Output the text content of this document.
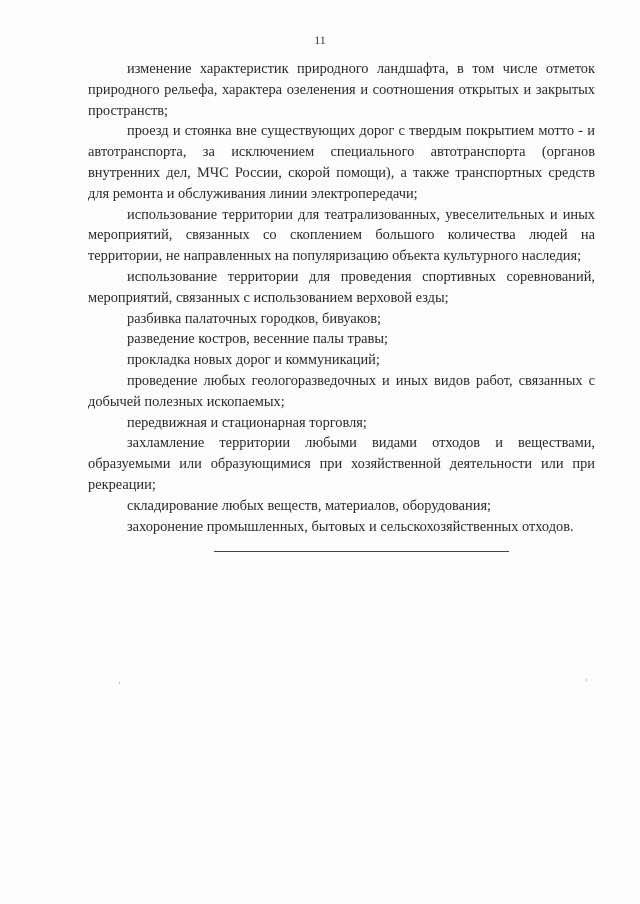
11

изменение характеристик природного ландшафта, в том числе отметок природного рельефа, характера озеленения и соотношения открытых и закрытых пространств;

проезд и стоянка вне существующих дорог с твердым покрытием мотто - и автотранспорта, за исключением специального автотранспорта (органов внутренних дел, МЧС России, скорой помощи), а также транспортных средств для ремонта и обслуживания линии электропередачи;

использование территории для театрализованных, увеселительных и иных мероприятий, связанных со скоплением большого количества людей на территории, не направленных на популяризацию объекта культурного наследия;

использование территории для проведения спортивных соревнований, мероприятий, связанных с использованием верховой езды;

разбивка палаточных городков, бивуаков;

разведение костров, весенние палы травы;

прокладка новых дорог и коммуникаций;

проведение любых геологоразведочных и иных видов работ, связанных с добычей полезных ископаемых;

передвижная и стационарная торговля;

захламление территории любыми видами отходов и веществами, образуемыми или образующимися при хозяйственной деятельности или при рекреации;

складирование любых веществ, материалов, оборудования;

захоронение промышленных, бытовых и сельскохозяйственных отходов.
